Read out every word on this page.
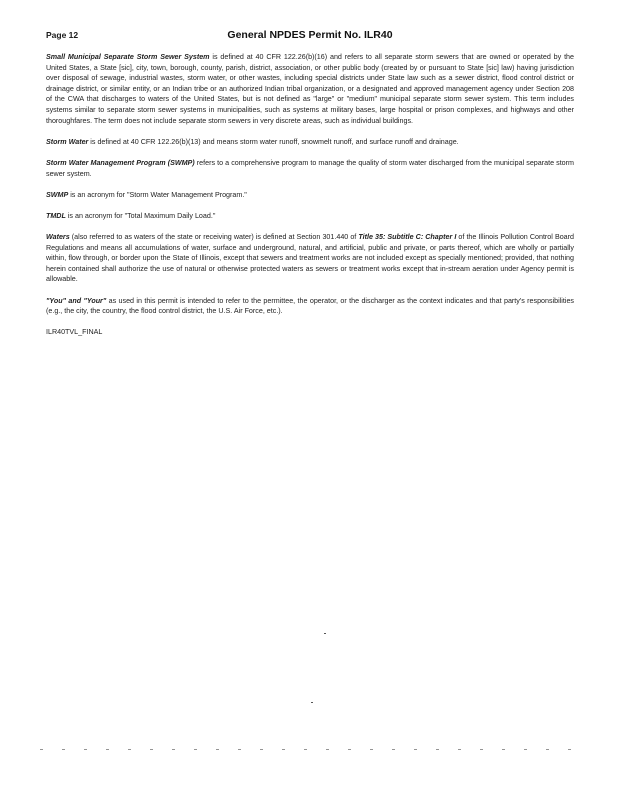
Page 12	General NPDES Permit No. ILR40

Small Municipal Separate Storm Sewer System is defined at 40 CFR 122.26(b)(16) and refers to all separate storm sewers that are owned or operated by the United States, a State [sic], city, town, borough, county, parish, district, association, or other public body (created by or pursuant to State [sic] law) having jurisdiction over disposal of sewage, industrial wastes, storm water, or other wastes, including special districts under State law such as a sewer district, flood control district or drainage district, or similar entity, or an Indian tribe or an authorized Indian tribal organization, or a designated and approved management agency under Section 208 of the CWA that discharges to waters of the United States, but is not defined as "large" or "medium" municipal separate storm sewer system. This term includes systems similar to separate storm sewer systems in municipalities, such as systems at military bases, large hospital or prison complexes, and highways and other thoroughfares. The term does not include separate storm sewers in very discrete areas, such as individual buildings.

Storm Water is defined at 40 CFR 122.26(b)(13) and means storm water runoff, snowmelt runoff, and surface runoff and drainage.

Storm Water Management Program (SWMP) refers to a comprehensive program to manage the quality of storm water discharged from the municipal separate storm sewer system.

SWMP is an acronym for "Storm Water Management Program."

TMDL is an acronym for "Total Maximum Daily Load."

Waters (also referred to as waters of the state or receiving water) is defined at Section 301.440 of Title 35: Subtitle C: Chapter I of the Illinois Pollution Control Board Regulations and means all accumulations of water, surface and underground, natural, and artificial, public and private, or parts thereof, which are wholly or partially within, flow through, or border upon the State of Illinois, except that sewers and treatment works are not included except as specially mentioned; provided, that nothing herein contained shall authorize the use of natural or otherwise protected waters as sewers or treatment works except that in-stream aeration under Agency permit is allowable.

"You" and "Your" as used in this permit is intended to refer to the permittee, the operator, or the discharger as the context indicates and that party's responsibilities (e.g., the city, the country, the flood control district, the U.S. Air Force, etc.).

ILR40TVL_FINAL
